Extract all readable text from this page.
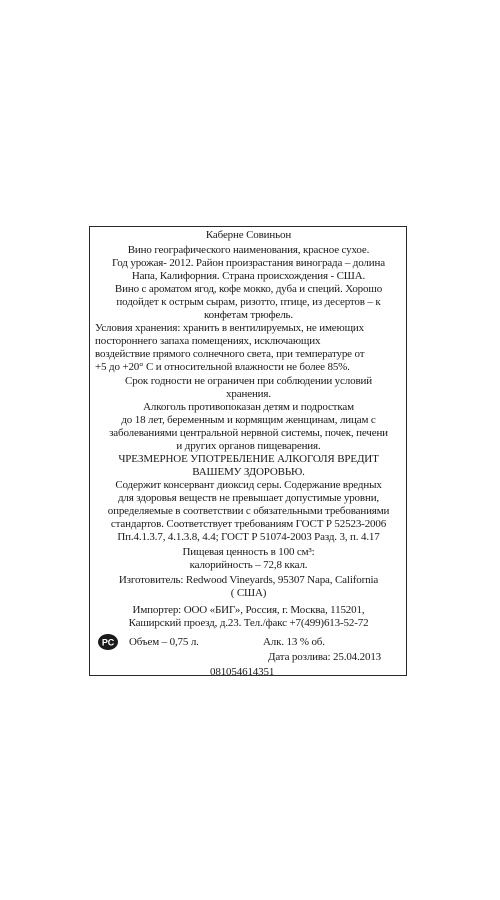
Каберне Совиньон
Вино географического наименования, красное сухое.
Год урожая- 2012. Район произрастания винограда – долина
Напа, Калифорния. Страна происхождения - США.
Вино с ароматом ягод, кофе мокко, дуба и специй. Хорошо
подойдет к острым сырам, ризотто, птице, из десертов – к
конфетам трюфель.
Условия хранения: хранить в вентилируемых, не имеющих
постороннего запаха помещениях, исключающих
воздействие прямого солнечного света, при температуре от
+5 до +20° С и относительной влажности не более 85%.
Срок годности не ограничен при соблюдении условий
хранения.
Алкоголь противопоказан детям и подросткам
до 18 лет, беременным и кормящим женщинам, лицам с
заболеваниями центральной нервной системы, почек, печени
и других органов пищеварения.
ЧРЕЗМЕРНОЕ УПОТРЕБЛЕНИЕ АЛКОГОЛЯ ВРЕДИТ
ВАШЕМУ ЗДОРОВЬЮ.
Содержит консервант диоксид серы. Содержание вредных
для здоровья веществ не превышает допустимые уровни,
определяемые в соответствии с обязательными требованиями
стандартов. Соответствует требованиям ГОСТ Р 52523-2006
Пп.4.1.3.7, 4.1.3.8, 4.4; ГОСТ Р 51074-2003 Разд. 3, п. 4.17
Пищевая ценность в 100 см³:
калорийность – 72,8 ккал.
Изготовитель: Redwood Vineyards, 95307 Napa, California
( США)
Импортер: ООО «БИГ», Россия, г. Москва, 115201,
Каширский проезд, д.23. Тел./факс +7(499)613-52-72
PC Объем – 0,75 л.	Алк. 13 % об.
Дата розлива: 25.04.2013
081054614351
